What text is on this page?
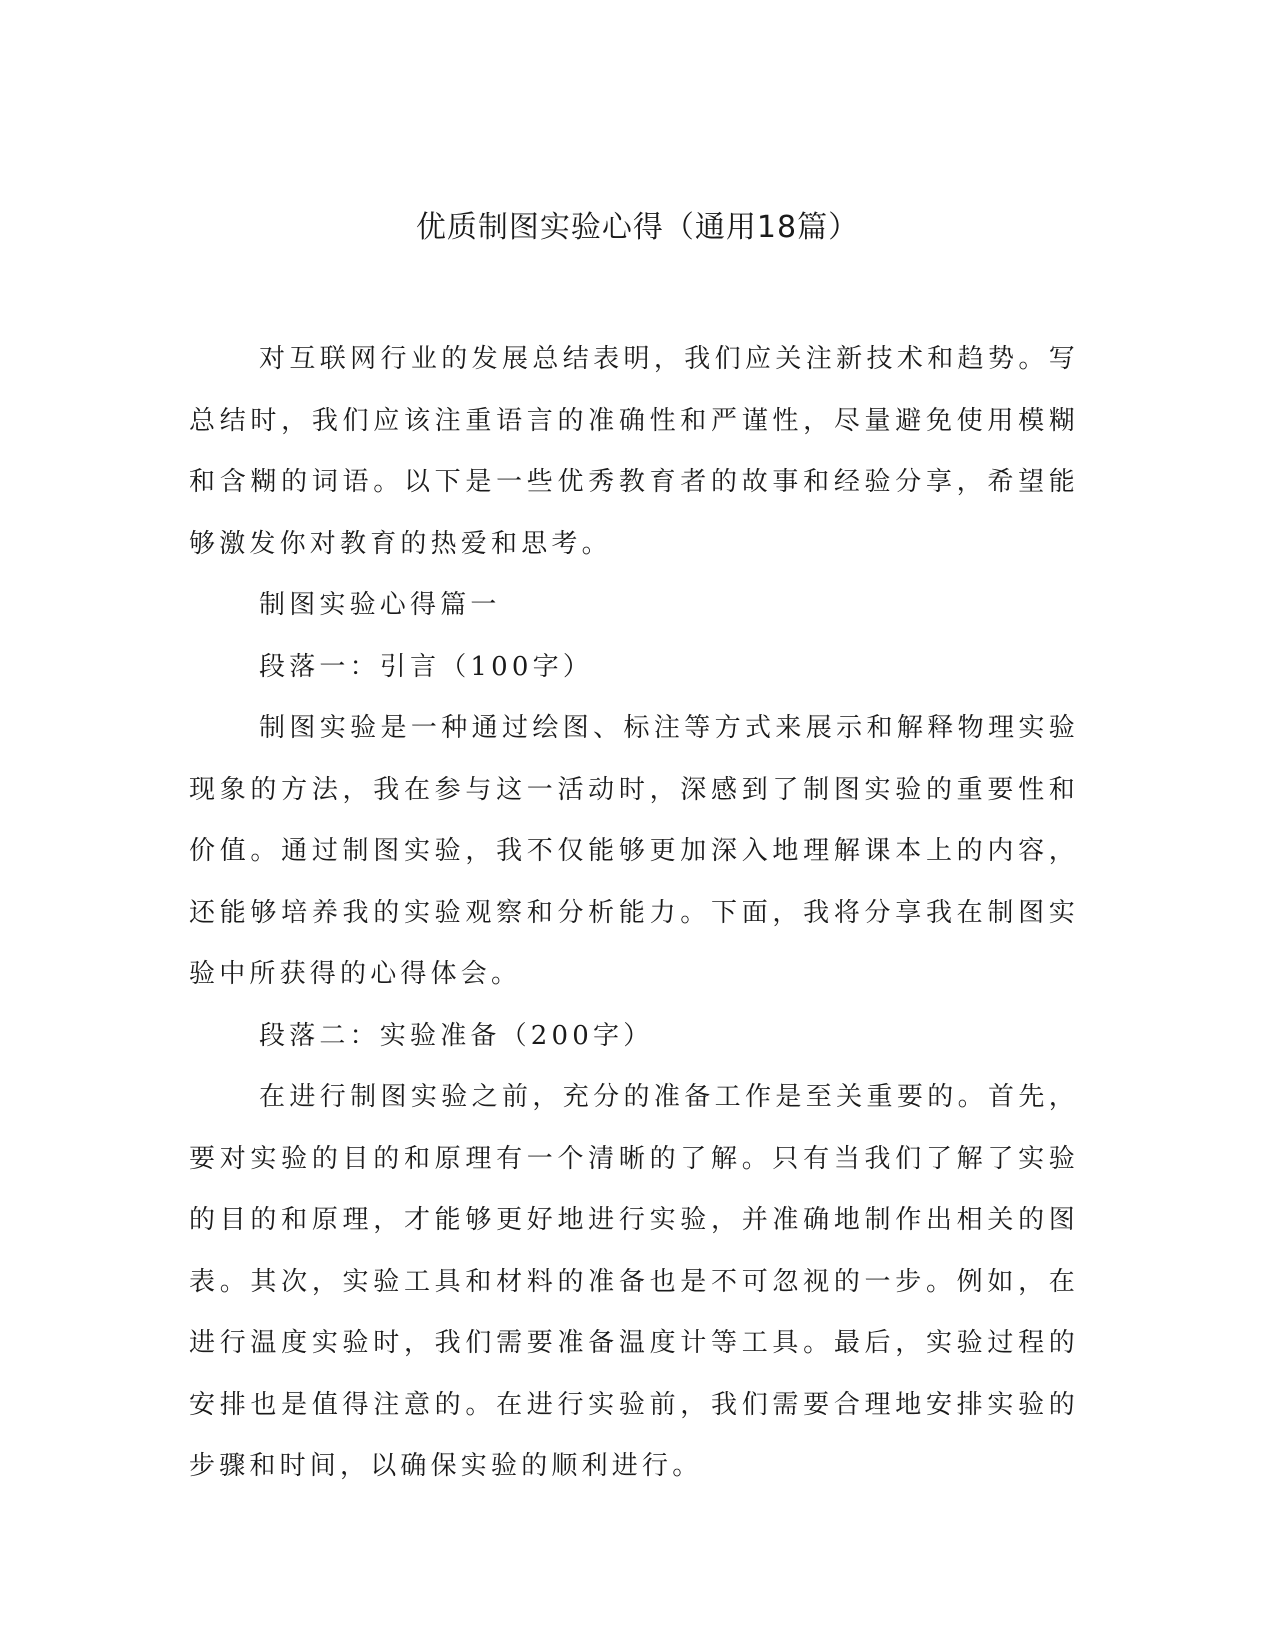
优质制图实验心得（通用18篇）

对互联网行业的发展总结表明，我们应关注新技术和趋势。写总结时，我们应该注重语言的准确性和严谨性，尽量避免使用模糊和含糊的词语。以下是一些优秀教育者的故事和经验分享，希望能够激发你对教育的热爱和思考。

制图实验心得篇一

段落一：引言（100字）

制图实验是一种通过绘图、标注等方式来展示和解释物理实验现象的方法，我在参与这一活动时，深感到了制图实验的重要性和价值。通过制图实验，我不仅能够更加深入地理解课本上的内容，还能够培养我的实验观察和分析能力。下面，我将分享我在制图实验中所获得的心得体会。

段落二：实验准备（200字）

在进行制图实验之前，充分的准备工作是至关重要的。首先，要对实验的目的和原理有一个清晰的了解。只有当我们了解了实验的目的和原理，才能够更好地进行实验，并准确地制作出相关的图表。其次，实验工具和材料的准备也是不可忽视的一步。例如，在进行温度实验时，我们需要准备温度计等工具。最后，实验过程的安排也是值得注意的。在进行实验前，我们需要合理地安排实验的步骤和时间，以确保实验的顺利进行。
